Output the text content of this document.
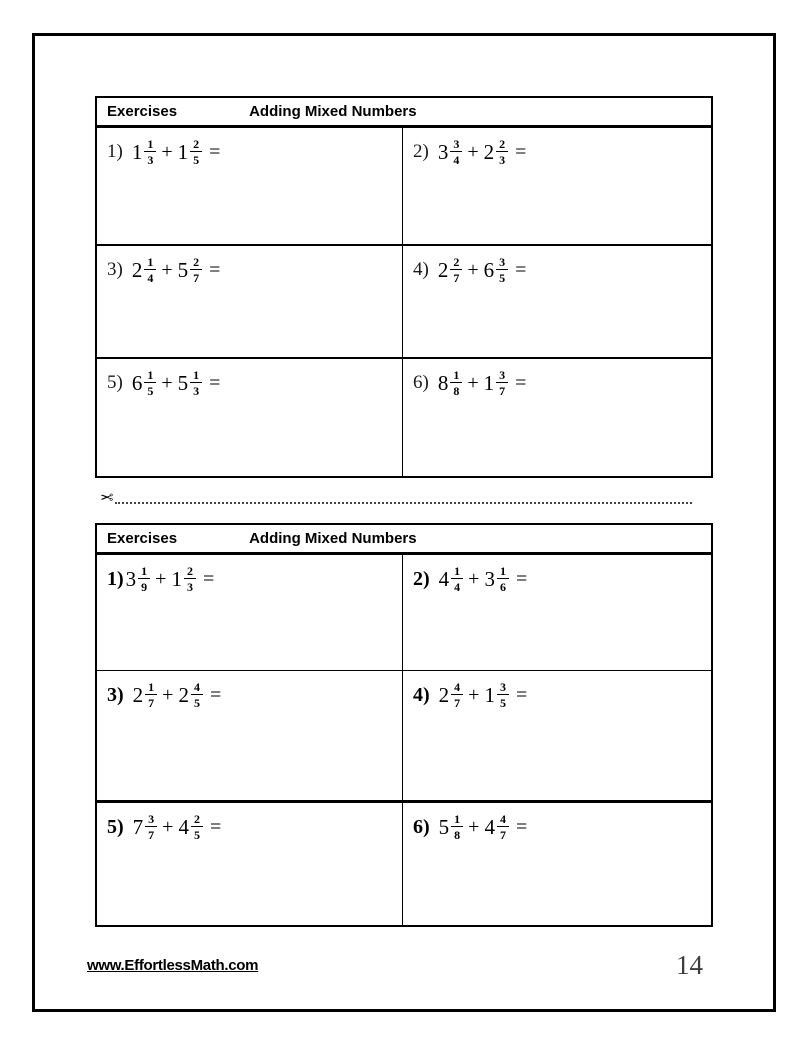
Exercises	Adding Mixed Numbers
1) $1 \frac{1}{3} + 1 \frac{2}{5}$ =	2) $3 \frac{3}{4} + 2 \frac{2}{3}$ =
3) $2 \frac{1}{4} + 5 \frac{2}{7}$ =	4) $2 \frac{2}{7} + 6 \frac{3}{5}$ =
5) $6 \frac{1}{5} + 5 \frac{1}{3}$ =	6) $8 \frac{1}{8} + 1 \frac{3}{7}$ =
✂
Exercises	Adding Mixed Numbers
1) $3 \frac{1}{9} + 1 \frac{2}{3}$ =	2) $4 \frac{1}{4} + 3 \frac{1}{6}$ =
3) $2 \frac{1}{7} + 2 \frac{4}{5}$ =	4) $2 \frac{4}{7} + 1 \frac{3}{5}$ =
5) $7 \frac{3}{7} + 4 \frac{2}{5}$ =	6) $5 \frac{1}{8} + 4 \frac{4}{7}$ =
www.EffortlessMath.com	14
